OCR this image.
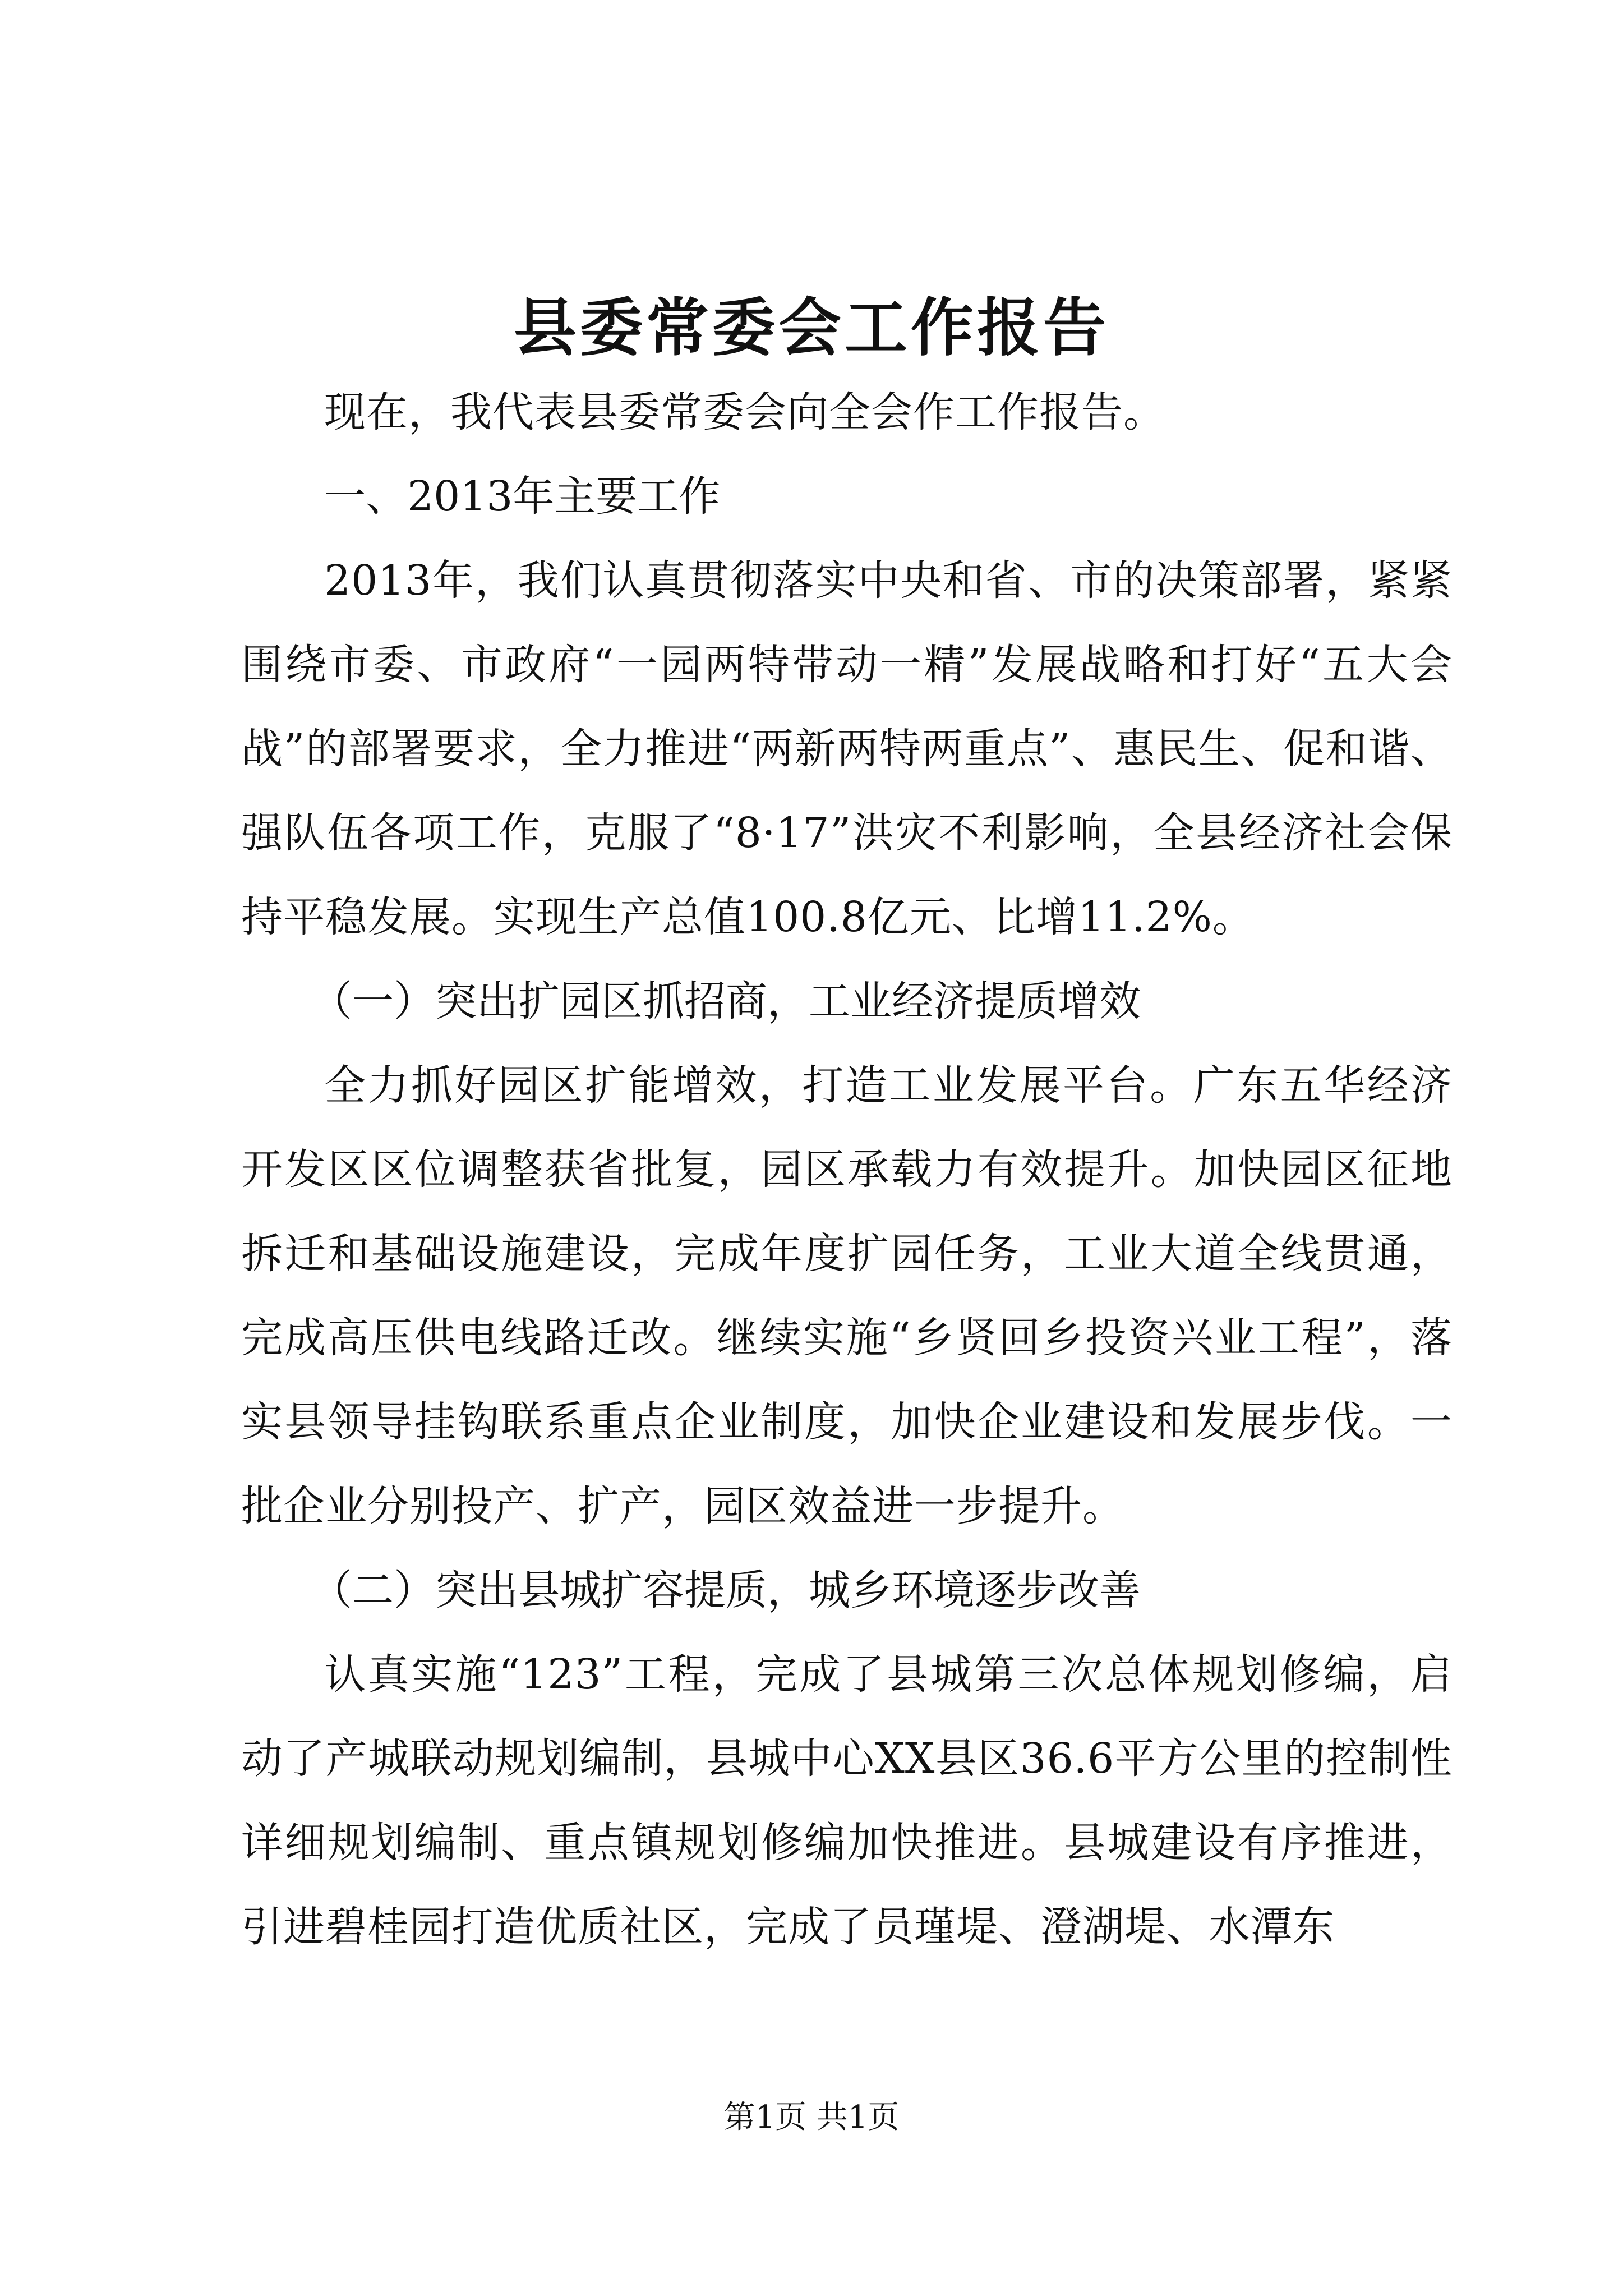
县委常委会工作报告

现在，我代表县委常委会向全会作工作报告。

一、2013年主要工作

2013年，我们认真贯彻落实中央和省、市的决策部署，紧紧围绕市委、市政府“一园两特带动一精”发展战略和打好“五大会战”的部署要求，全力推进“两新两特两重点”、惠民生、促和谐、强队伍各项工作，克服了“8·17”洪灾不利影响，全县经济社会保持平稳发展。实现生产总值100.8亿元、比增11.2%。

（一）突出扩园区抓招商，工业经济提质增效

全力抓好园区扩能增效，打造工业发展平台。广东五华经济开发区区位调整获省批复，园区承载力有效提升。加快园区征地拆迁和基础设施建设，完成年度扩园任务，工业大道全线贯通，完成高压供电线路迁改。继续实施“乡贤回乡投资兴业工程”，落实县领导挂钩联系重点企业制度，加快企业建设和发展步伐。一批企业分别投产、扩产，园区效益进一步提升。

（二）突出县城扩容提质，城乡环境逐步改善

认真实施“123”工程，完成了县城第三次总体规划修编，启动了产城联动规划编制，县城中心XX县区36.6平方公里的控制性详细规划编制、重点镇规划修编加快推进。县城建设有序推进，引进碧桂园打造优质社区，完成了员瑾堤、澄湖堤、水潭东

第1页 共1页
